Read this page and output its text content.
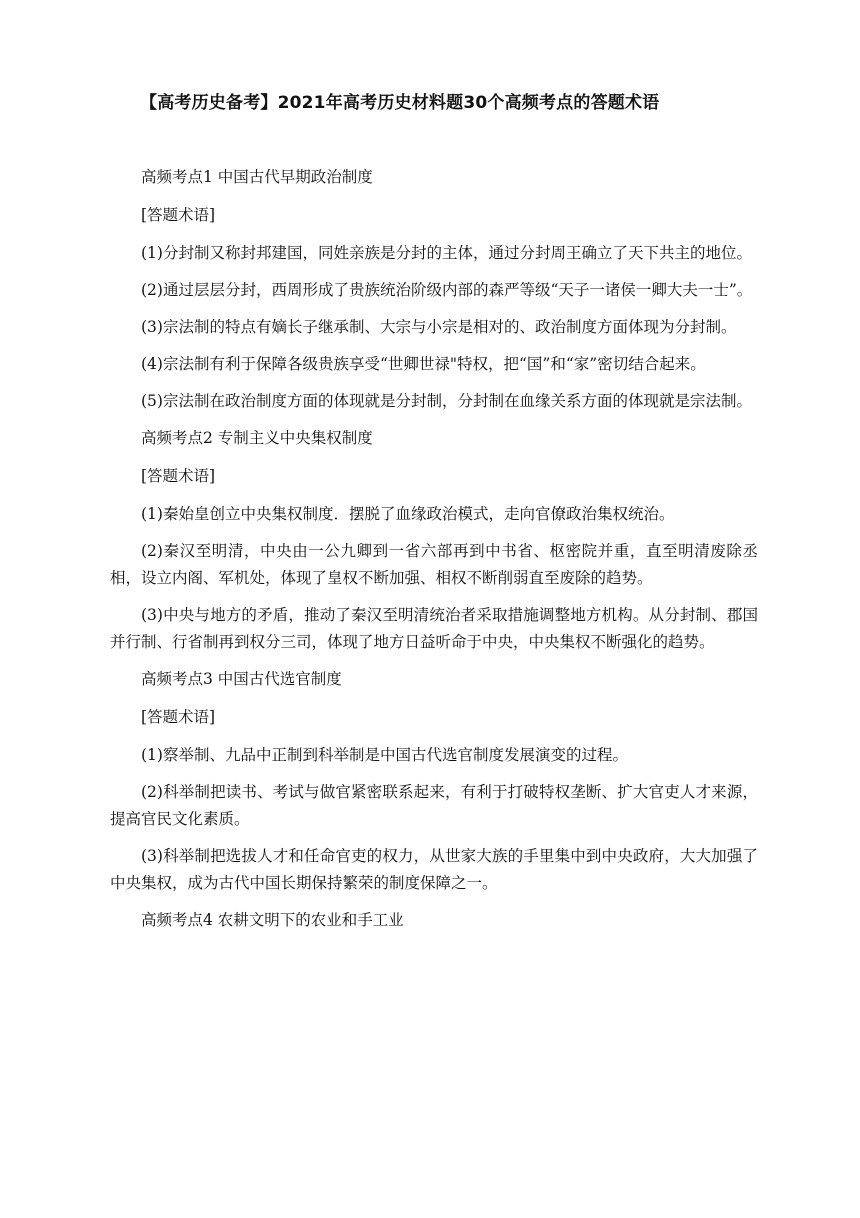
【高考历史备考】2021年高考历史材料题30个高频考点的答题术语

高频考点1 中国古代早期政治制度

[答题术语]

(1)分封制又称封邦建国，同姓亲族是分封的主体，通过分封周王确立了天下共主的地位。

(2)通过层层分封，西周形成了贵族统治阶级内部的森严等级“天子一诸侯一卿大夫一士”。

(3)宗法制的特点有嫡长子继承制、大宗与小宗是相对的、政治制度方面体现为分封制。

(4)宗法制有利于保障各级贵族享受“世卿世禄"特权，把“国”和“家”密切结合起来。

(5)宗法制在政治制度方面的体现就是分封制，分封制在血缘关系方面的体现就是宗法制。

高频考点2 专制主义中央集权制度

[答题术语]

(1)秦始皇创立中央集权制度．摆脱了血缘政治模式，走向官僚政治集权统治。

(2)秦汉至明清，中央由一公九卿到一省六部再到中书省、枢密院并重，直至明清废除丞相，设立内阁、军机处，体现了皇权不断加强、相权不断削弱直至废除的趋势。

(3)中央与地方的矛盾，推动了秦汉至明清统治者采取措施调整地方机构。从分封制、郡国并行制、行省制再到权分三司，体现了地方日益听命于中央，中央集权不断强化的趋势。

高频考点3 中国古代选官制度

[答题术语]

(1)察举制、九品中正制到科举制是中国古代选官制度发展演变的过程。

(2)科举制把读书、考试与做官紧密联系起来，有利于打破特权垄断、扩大官吏人才来源，提高官民文化素质。

(3)科举制把选拔人才和任命官吏的权力，从世家大族的手里集中到中央政府，大大加强了中央集权，成为古代中国长期保持繁荣的制度保障之一。

高频考点4 农耕文明下的农业和手工业
